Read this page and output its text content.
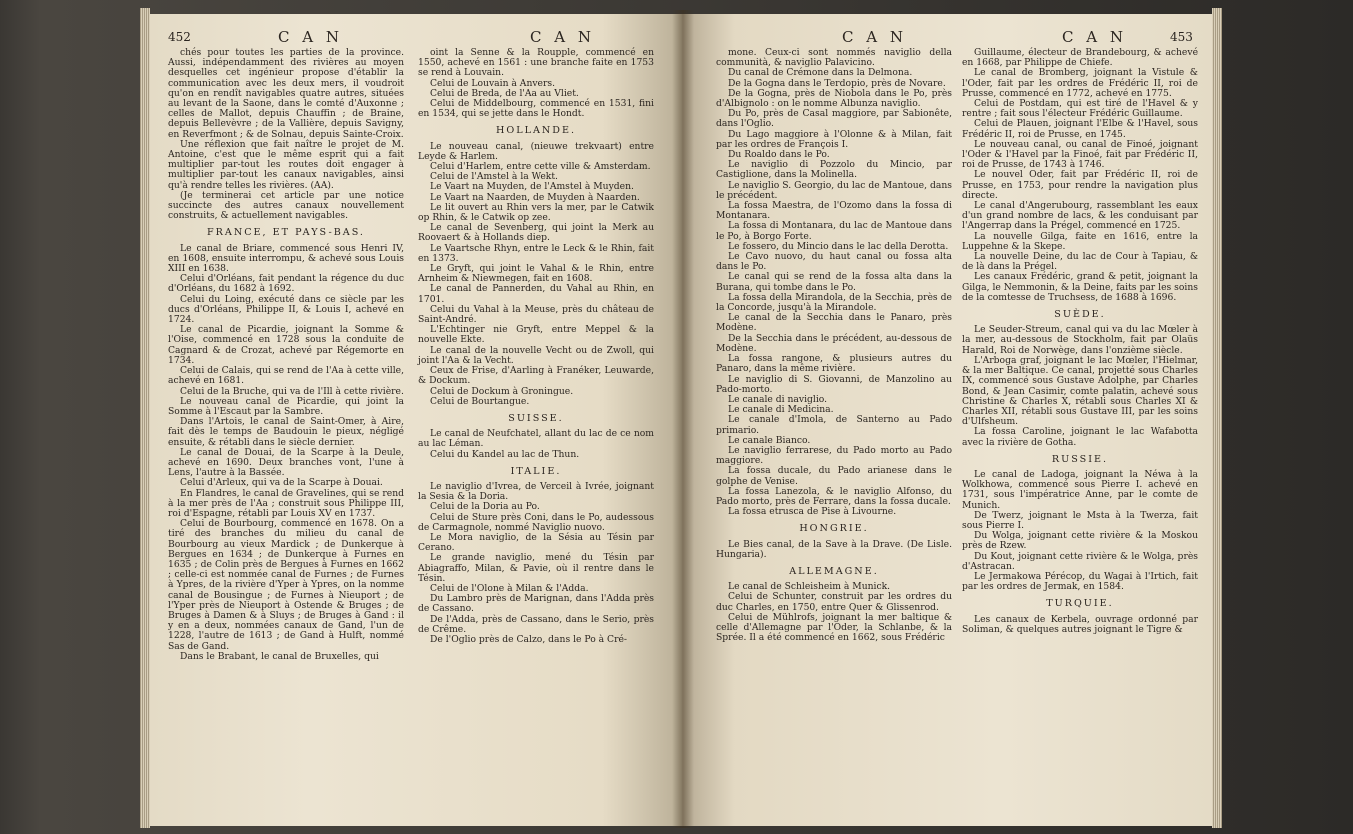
452	C A N	C A N

chés pour toutes les parties de la province. Aussi, indépendamment des rivières au moyen desquelles cet ingénieur propose d'établir la communication avec les deux mers, il voudroit qu'on en rendît navigables quatre autres, situées au levant de la Saone, dans le comté d'Auxonne ; celles de Mallot, depuis Chauffin ; de Braine, depuis Bellevèvre ; de la Vallière, depuis Savigny, en Reverfmont ; & de Solnau, depuis Sainte-Croix.

Une réflexion que fait naître le projet de M. Antoine, c'est que le même esprit qui a fait multiplier par-tout les routes doit engager à multiplier par-tout les canaux navigables, ainsi qu'à rendre telles les rivières. (AA).

(Je terminerai cet article par une notice succincte des autres canaux nouvellement construits, & actuellement navigables.

FRANCE, ET PAYS-BAS.

Le canal de Briare, commencé sous Henri IV, en 1608, ensuite interrompu, & achevé sous Louis XIII en 1638.

Celui d'Orléans, fait pendant la régence du duc d'Orléans, du 1682 à 1692.

Celui du Loing, exécuté dans ce siècle par les ducs d'Orléans, Philippe II, & Louis I, achevé en 1724.

Le canal de Picardie, joignant la Somme & l'Oise, commencé en 1728 sous la conduite de Cagnard & de Crozat, achevé par Régemorte en 1734.

Celui de Calais, qui se rend de l'Aa à cette ville, achevé en 1681.

Celui de la Bruche, qui va de l'Ill à cette rivière.

Le nouveau canal de Picardie, qui joint la Somme à l'Escaut par la Sambre.

Dans l'Artois, le canal de Saint-Omer, à Aire, fait dès le temps de Baudouin le pieux, négligé ensuite, & rétabli dans le siècle dernier.

Le canal de Douai, de la Scarpe à la Deule, achevé en 1690. Deux branches vont, l'une à Lens, l'autre à la Bassée.

Celui d'Arleux, qui va de la Scarpe à Douai.

En Flandres, le canal de Gravelines, qui se rend à la mer près de l'Aa ; construit sous Philippe III, roi d'Espagne, rétabli par Louis XV en 1737.

Celui de Bourbourg, commencé en 1678. On a tiré des branches du milieu du canal de Bourbourg au vieux Mardick ; de Dunkerque à Bergues en 1634 ; de Dunkerque à Furnes en 1635 ; de Colin près de Bergues à Furnes en 1662 ; celle-ci est nommée canal de Furnes ; de Furnes à Ypres, de la rivière d'Yper à Ypres, on la nomme canal de Bousingue ; de Furnes à Nieuport ; de l'Yper près de Nieuport à Ostende & Bruges ; de Bruges à Damen & à Sluys ; de Bruges à Gand : il y en a deux, nommées canaux de Gand, l'un de 1228, l'autre de 1613 ; de Gand à Hulft, nommé Sas de Gand.

Dans le Brabant, le canal de Bruxelles, qui

oint la Senne & la Roupple, commencé en 1550, achevé en 1561 : une branche faite en 1753 se rend à Louvain.

Celui de Louvain à Anvers.

Celui de Breda, de l'Aa au Vliet.

Celui de Middelbourg, commencé en 1531, fini en 1534, qui se jette dans le Hondt.

HOLLANDE.

Le nouveau canal, (nieuwe trekvaart) entre Leyde & Harlem.

Celui d'Harlem, entre cette ville & Amsterdam.

Celui de l'Amstel à la Wekt.

Le Vaart na Muyden, de l'Amstel à Muyden.

Le Vaart na Naarden, de Muyden à Naarden.

Le lit ouvert au Rhin vers la mer, par le Catwik op Rhin, & le Catwik op zee.

Le canal de Sevenberg, qui joint la Merk au Roovaert & à Hollands diep.

Le Vaartsche Rhyn, entre le Leck & le Rhin, fait en 1373.

Le Gryft, qui joint le Vahal & le Rhin, entre Arnheim & Niewmegen, fait en 1608.

Le canal de Pannerden, du Vahal au Rhin, en 1701.

Celui du Vahal à la Meuse, près du château de Saint-André.

L'Echtinger nie Gryft, entre Meppel & la nouvelle Ekte.

Le canal de la nouvelle Vecht ou de Zwoll, qui joint l'Aa & la Vecht.

Ceux de Frise, d'Aarling à Franéker, Leuwarde, & Dockum.

Celui de Dockum à Groningue.

Celui de Bourtangue.

SUISSE.

Le canal de Neufchatel, allant du lac de ce nom au lac Léman.

Celui du Kandel au lac de Thun.

ITALIE.

Le naviglio d'Ivrea, de Verceil à Ivrée, joignant la Sesia & la Doria.

Celui de la Doria au Po.

Celui de Sture près Coni, dans le Po, audessous de Carmagnole, nommé Naviglio nuovo.

Le Mora naviglio, de la Sésia au Tésin par Cerano.

Le grande naviglio, mené du Tésin par Abiagraffo, Milan, & Pavie, où il rentre dans le Tésin.

Celui de l'Olone à Milan & l'Adda.

Du Lambro près de Marignan, dans l'Adda près de Cassano.

De l'Adda, près de Cassano, dans le Serio, près de Crême.

De l'Oglio près de Calzo, dans le Po à Cré-

C A N	C A N	453

mone. Ceux-ci sont nommés naviglio della communità, & naviglio Palavicino.

Du canal de Crémone dans la Delmona.

De la Gogna dans le Terdopio, près de Novare.

De la Gogna, près de Niobola dans le Po, près d'Albignolo : on le nomme Albunza naviglio.

Du Po, près de Casal maggiore, par Sabionête, dans l'Oglio.

Du Lago maggiore à l'Olonne & à Milan, fait par les ordres de François I.

Du Roaldo dans le Po.

Le naviglio di Pozzolo du Mincio, par Castiglione, dans la Molinella.

Le naviglio S. Georgio, du lac de Mantoue, dans le précédent.

La fossa Maestra, de l'Ozomo dans la fossa di Montanara.

La fossa di Montanara, du lac de Mantoue dans le Po, à Borgo Forte.

Le fossero, du Mincio dans le lac della Derotta.

Le Cavo nuovo, du haut canal ou fossa alta dans le Po.

Le canal qui se rend de la fossa alta dans la Burana, qui tombe dans le Po.

La fossa della Mirandola, de la Secchia, près de la Concorde, jusqu'à la Mirandole.

Le canal de la Secchia dans le Panaro, près Modène.

De la Secchia dans le précédent, au-dessous de Modène.

La fossa rangone, & plusieurs autres du Panaro, dans la même rivière.

Le naviglio di S. Giovanni, de Manzolino au Pado-morto.

Le canale di naviglio.

Le canale di Medicina.

Le canale d'Imola, de Santerno au Pado primario.

Le canale Bianco.

Le naviglio ferrarese, du Pado morto au Pado maggiore.

La fossa ducale, du Pado arianese dans le golphe de Venise.

La fossa Lanezola, & le naviglio Alfonso, du Pado morto, près de Ferrare, dans la fossa ducale.

La fossa etrusca de Pise à Livourne.

HONGRIE.

Le Bies canal, de la Save à la Drave. (De Lisle. Hungaria).

ALLEMAGNE.

Le canal de Schleisheim à Munick.

Celui de Schunter, construit par les ordres du duc Charles, en 1750, entre Quer & Glissenrod.

Celui de Mühlrofs, joignant la mer baltique & celle d'Allemagne par l'Oder, la Schlanbe, & la Sprée. Il a été commencé en 1662, sous Frédéric

Guillaume, électeur de Brandebourg, & achevé en 1668, par Philippe de Chiefe.

Le canal de Bromberg, joignant la Vistule & l'Oder, fait par les ordres de Frédéric II, roi de Prusse, commencé en 1772, achevé en 1775.

Celui de Postdam, qui est tiré de l'Havel & y rentre ; fait sous l'électeur Frédéric Guillaume.

Celui de Plauen, joignant l'Elbe & l'Havel, sous Frédéric II, roi de Prusse, en 1745.

Le nouveau canal, ou canal de Finoé, joignant l'Oder & l'Havel par la Finoé, fait par Frédéric II, roi de Prusse, de 1743 à 1746.

Le nouvel Oder, fait par Frédéric II, roi de Prusse, en 1753, pour rendre la navigation plus directe.

Le canal d'Angerubourg, rassemblant les eaux d'un grand nombre de lacs, & les conduisant par l'Angerrap dans la Prégel, commencé en 1725.

La nouvelle Gilga, faite en 1616, entre la Luppehne & la Skepe.

La nouvelle Deine, du lac de Cour à Tapiau, & de là dans la Prégel.

Les canaux Frédéric, grand & petit, joignant la Gilga, le Nemmonin, & la Deine, faits par les soins de la comtesse de Truchsess, de 1688 à 1696.

SUÈDE.

Le Seuder-Streum, canal qui va du lac Mœler à la mer, au-dessous de Stockholm, fait par Olaüs Harald, Roi de Norwège, dans l'onzième siècle.

L'Arboga graf, joignant le lac Mœler, l'Hielmar, & la mer Baltique. Ce canal, projetté sous Charles IX, commencé sous Gustave Adolphe, par Charles Bond, & Jean Casimir, comte palatin, achevé sous Christine & Charles X, rétabli sous Charles XI & Charles XII, rétabli sous Gustave III, par les soins d'Ulfsheum.

La fossa Caroline, joignant le lac Wafabotta avec la rivière de Gotha.

RUSSIE.

Le canal de Ladoga, joignant la Néwa à la Wolkhowa, commencé sous Pierre I. achevé en 1731, sous l'impératrice Anne, par le comte de Munich.

De Twerz, joignant le Msta à la Twerza, fait sous Pierre I.

Du Wolga, joignant cette rivière & la Moskou près de Rzew.

Du Kout, joignant cette rivière & le Wolga, près d'Astracan.

Le Jermakowa Pérécop, du Wagai à l'Irtich, fait par les ordres de Jermak, en 1584.

TURQUIE.

Les canaux de Kerbela, ouvrage ordonné par Soliman, & quelques autres joignant le Tigre &
